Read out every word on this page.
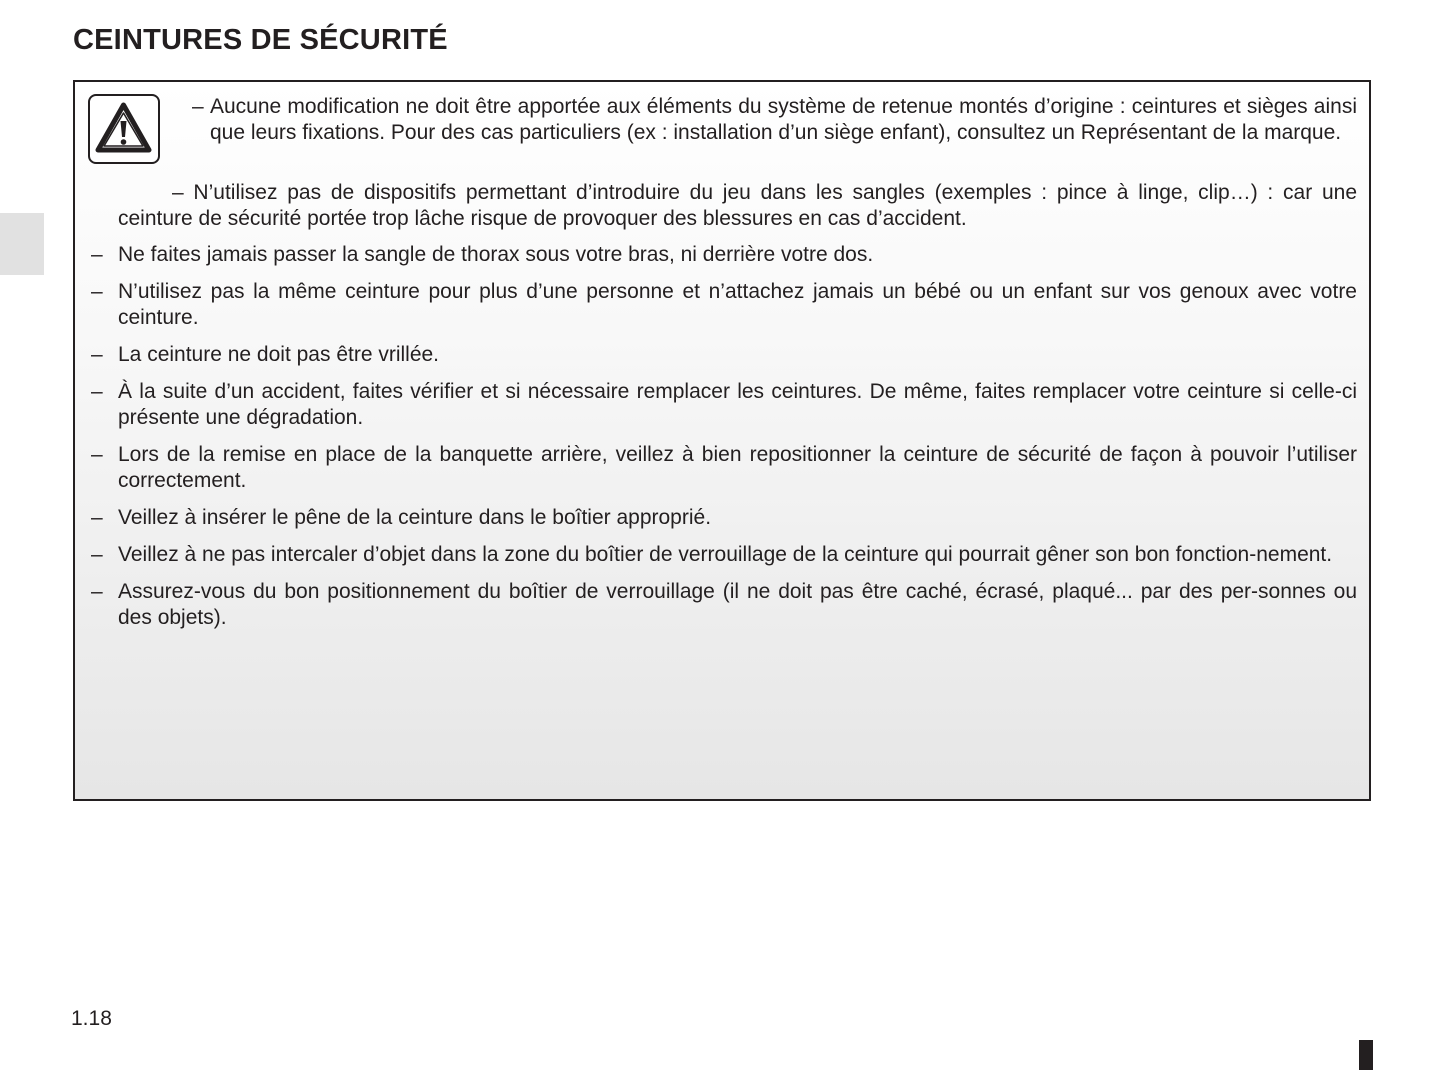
CEINTURES DE SÉCURITÉ
– Aucune modification ne doit être apportée aux éléments du système de retenue montés d’origine : ceintures et sièges ainsi que leurs fixations. Pour des cas particuliers (ex : installation d’un siège enfant), consultez un Représentant de la marque.
– N’utilisez pas de dispositifs permettant d’introduire du jeu dans les sangles (exemples : pince à linge, clip…) : car une ceinture de sécurité portée trop lâche risque de provoquer des blessures en cas d’accident.
– Ne faites jamais passer la sangle de thorax sous votre bras, ni derrière votre dos.
– N’utilisez pas la même ceinture pour plus d’une personne et n’attachez jamais un bébé ou un enfant sur vos genoux avec votre ceinture.
– La ceinture ne doit pas être vrillée.
– À la suite d’un accident, faites vérifier et si nécessaire remplacer les ceintures. De même, faites remplacer votre ceinture si celle-ci présente une dégradation.
– Lors de la remise en place de la banquette arrière, veillez à bien repositionner la ceinture de sécurité de façon à pouvoir l’utiliser correctement.
– Veillez à insérer le pêne de la ceinture dans le boîtier approprié.
– Veillez à ne pas intercaler d’objet dans la zone du boîtier de verrouillage de la ceinture qui pourrait gêner son bon fonction-nement.
– Assurez-vous du bon positionnement du boîtier de verrouillage (il ne doit pas être caché, écrasé, plaqué... par des per-sonnes ou des objets).
1.18
